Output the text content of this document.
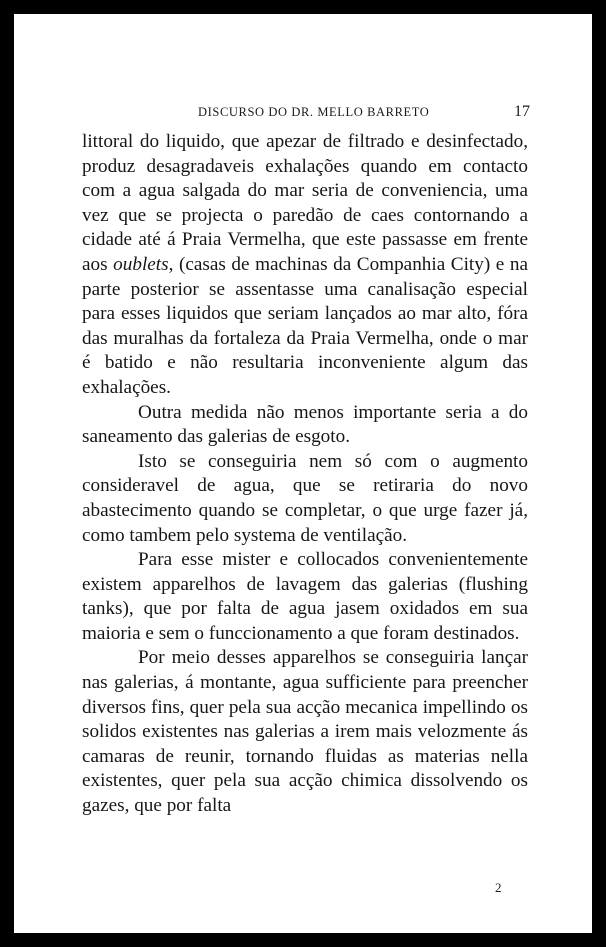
DISCURSO DO DR. MELLO BARRETO	17

littoral do liquido, que apezar de filtrado e desinfectado, produz desagradaveis exhalações quando em contacto com a agua salgada do mar seria de conveniencia, uma vez que se projecta o paredão de caes contornando a cidade até á Praia Vermelha, que este passasse em frente aos oublets, (casas de machinas da Companhia City) e na parte posterior se assentasse uma canalisação especial para esses liquidos que seriam lançados ao mar alto, fóra das muralhas da fortaleza da Praia Vermelha, onde o mar é batido e não resultaria inconveniente algum das exhalações.

Outra medida não menos importante seria a do saneamento das galerias de esgoto.

Isto se conseguiria nem só com o augmento consideravel de agua, que se retiraria do novo abastecimento quando se completar, o que urge fazer já, como tambem pelo systema de ventilação.

Para esse mister e collocados convenientemente existem apparelhos de lavagem das galerias (flushing tanks), que por falta de agua jasem oxidados em sua maioria e sem o funccionamento a que foram destinados.

Por meio desses apparelhos se conseguiria lançar nas galerias, á montante, agua sufficiente para preencher diversos fins, quer pela sua acção mecanica impellindo os solidos existentes nas galerias a irem mais velozmente ás camaras de reunir, tornando fluidas as materias nella existentes, quer pela sua acção chimica dissolvendo os gazes, que por falta

2
